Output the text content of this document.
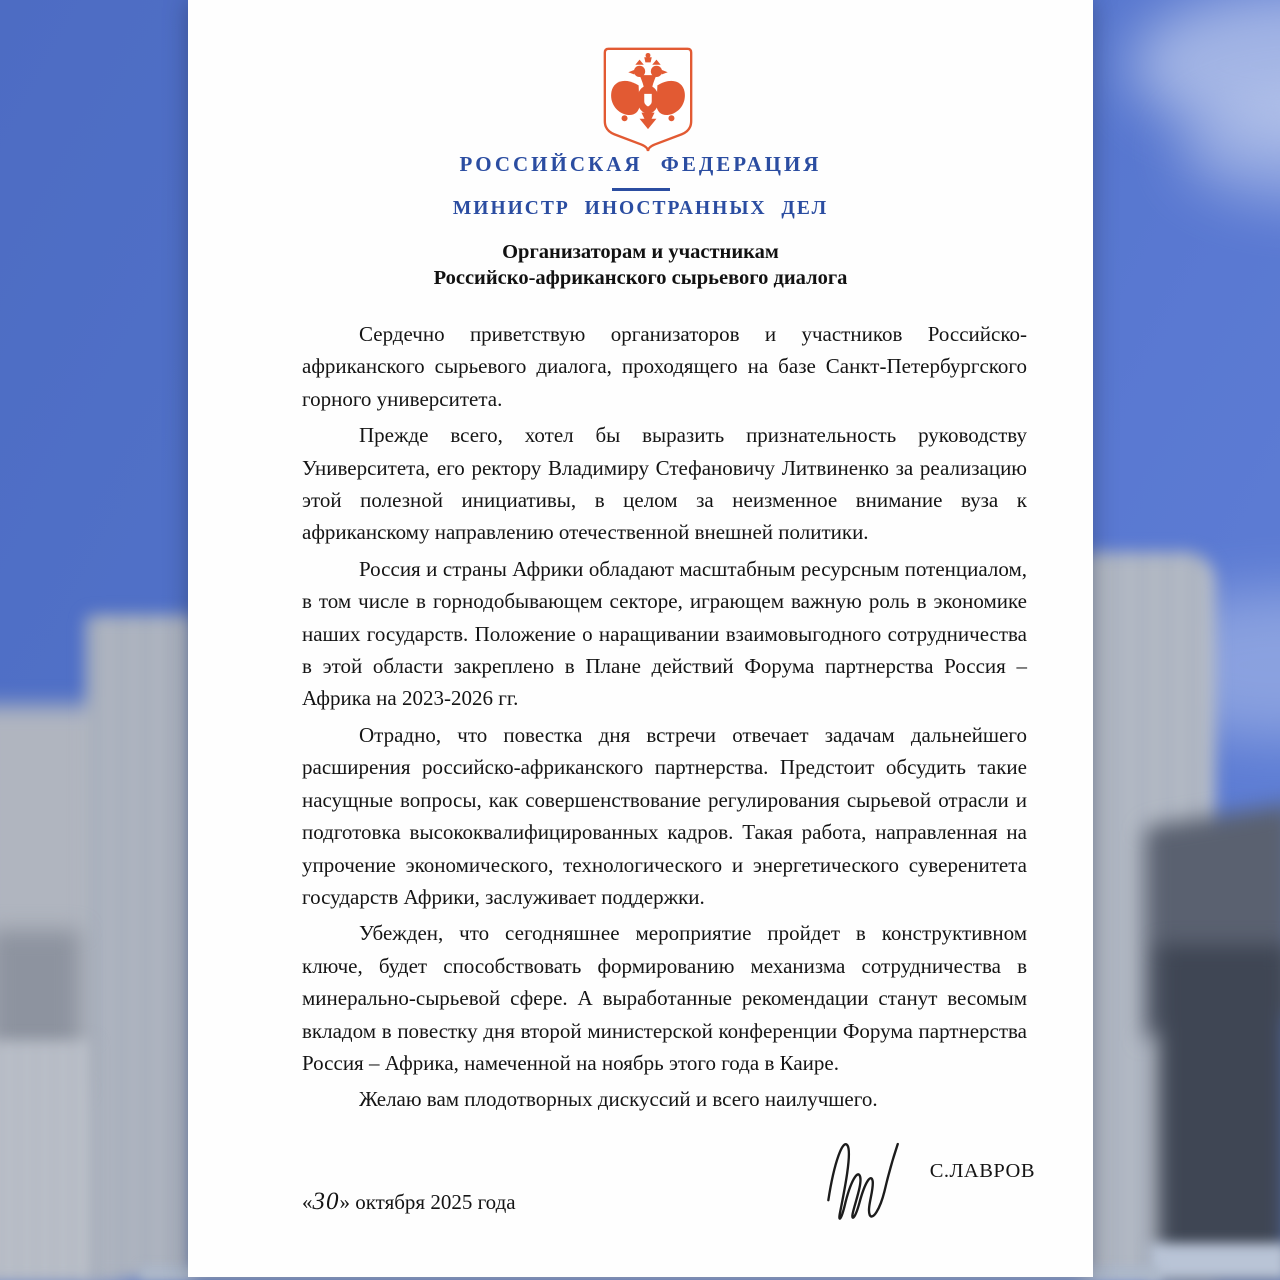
РОССИЙСКАЯ ФЕДЕРАЦИЯ
МИНИСТР ИНОСТРАННЫХ ДЕЛ
Организаторам и участникам
Российско-африканского сырьевого диалога

Сердечно приветствую организаторов и участников Российско-африканского сырьевого диалога, проходящего на базе Санкт-Петербургского горного университета.

Прежде всего, хотел бы выразить признательность руководству Университета, его ректору Владимиру Стефановичу Литвиненко за реализацию этой полезной инициативы, в целом за неизменное внимание вуза к африканскому направлению отечественной внешней политики.

Россия и страны Африки обладают масштабным ресурсным потенциалом, в том числе в горнодобывающем секторе, играющем важную роль в экономике наших государств. Положение о наращивании взаимовыгодного сотрудничества в этой области закреплено в Плане действий Форума партнерства Россия – Африка на 2023-2026 гг.

Отрадно, что повестка дня встречи отвечает задачам дальнейшего расширения российско-африканского партнерства. Предстоит обсудить такие насущные вопросы, как совершенствование регулирования сырьевой отрасли и подготовка высококвалифицированных кадров. Такая работа, направленная на упрочение экономического, технологического и энергетического суверенитета государств Африки, заслуживает поддержки.

Убежден, что сегодняшнее мероприятие пройдет в конструктивном ключе, будет способствовать формированию механизма сотрудничества в минерально-сырьевой сфере. А выработанные рекомендации станут весомым вкладом в повестку дня второй министерской конференции Форума партнерства Россия – Африка, намеченной на ноябрь этого года в Каире.

Желаю вам плодотворных дискуссий и всего наилучшего.

С.ЛАВРОВ
«30» октября 2025 года
